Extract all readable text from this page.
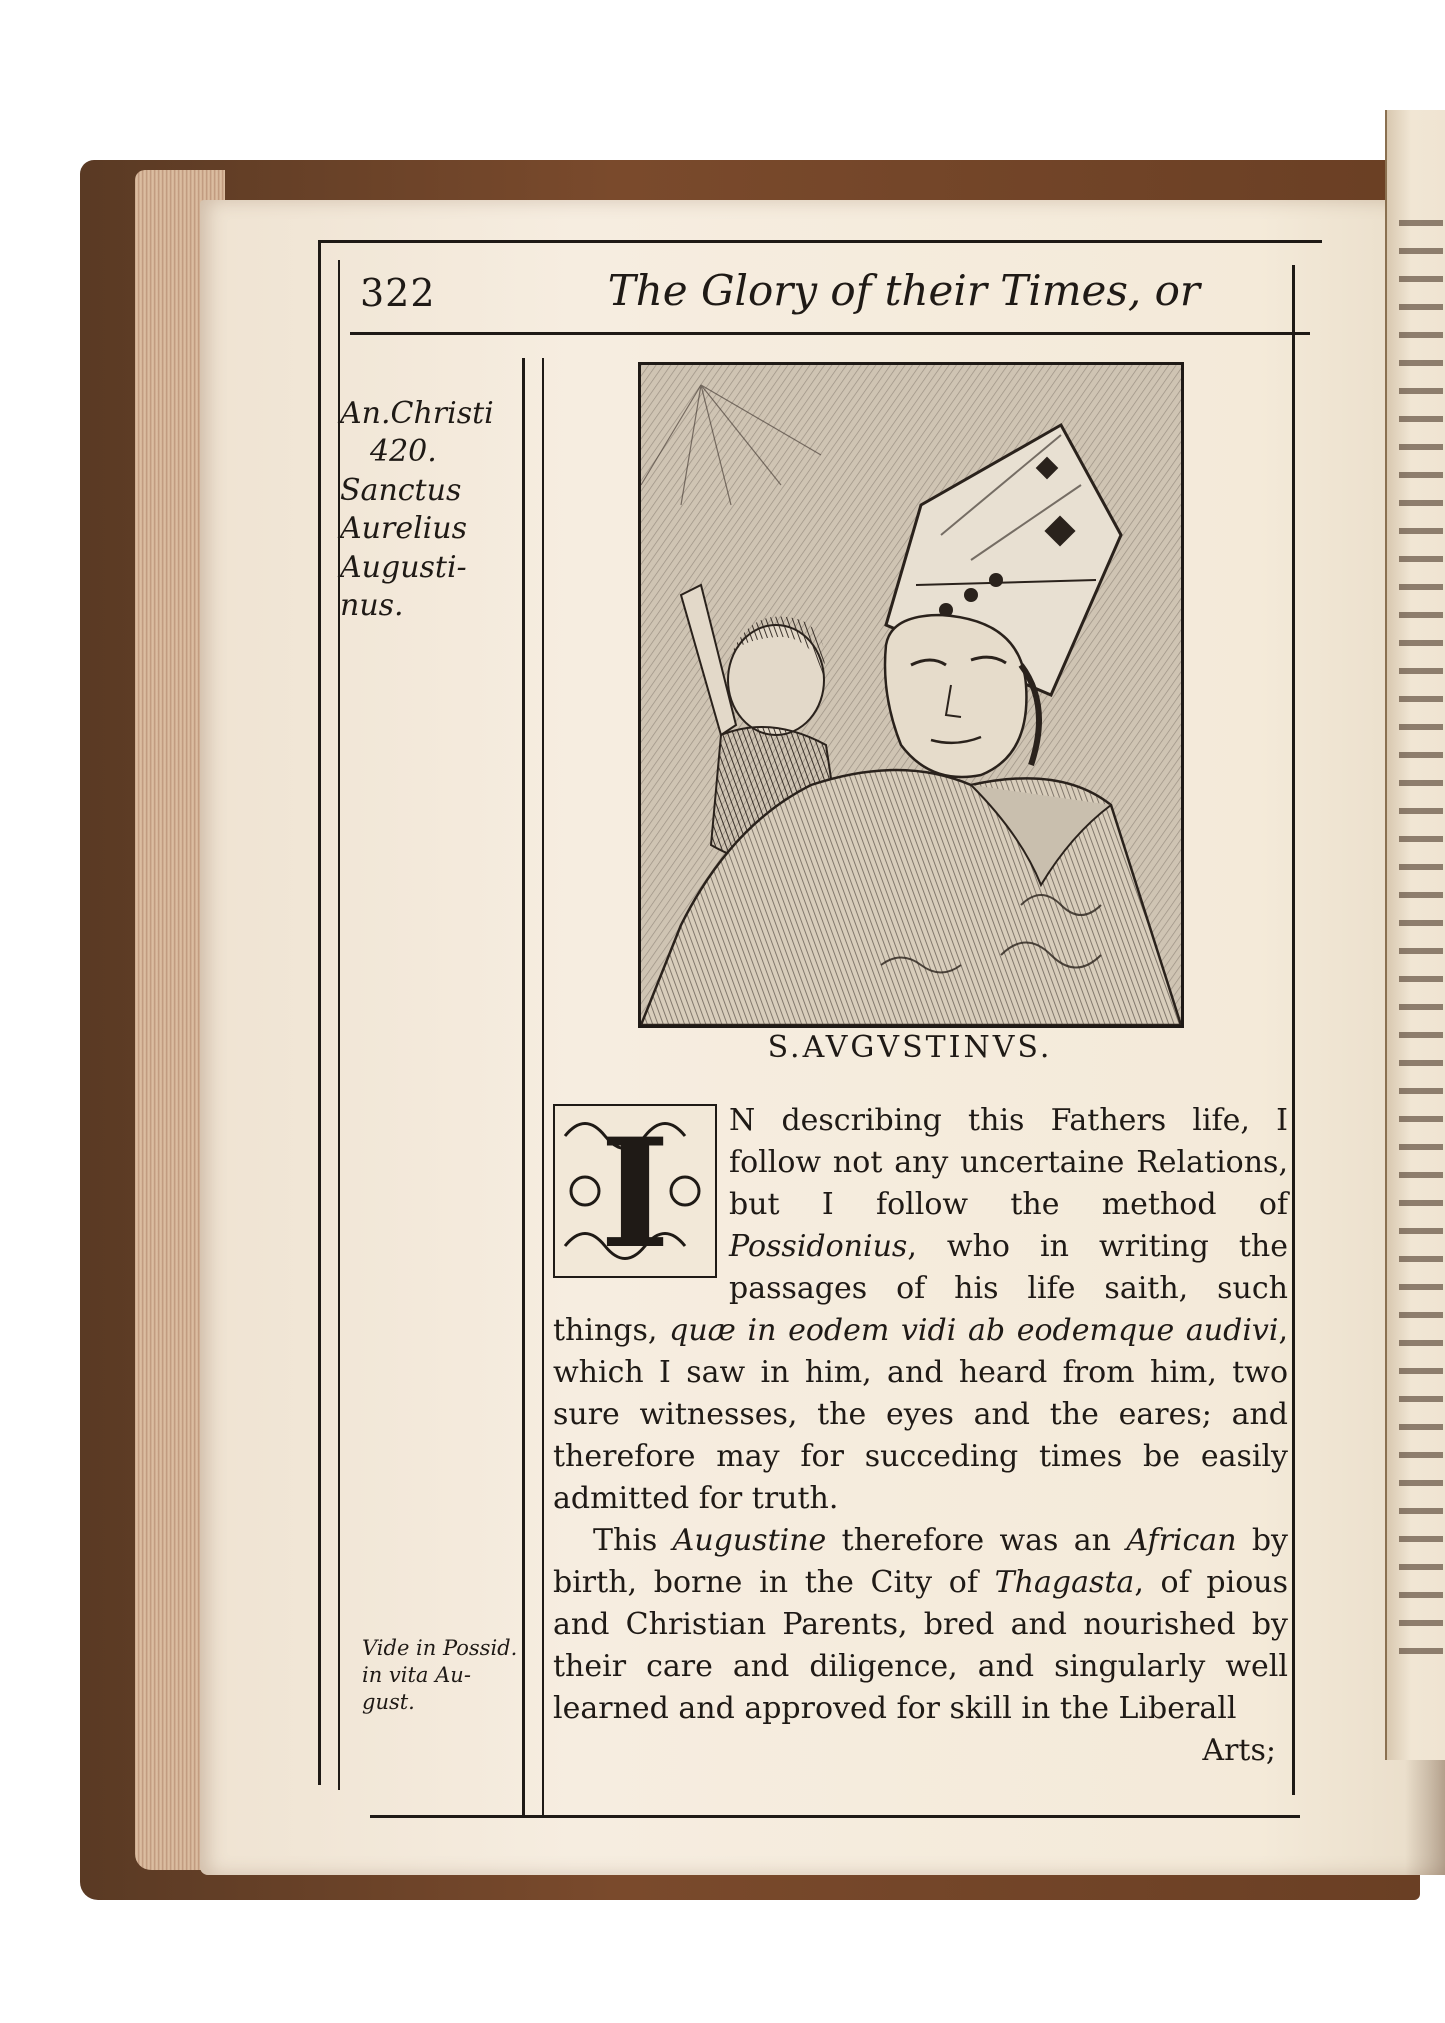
322	The Glory of their Times, or
An.Christi
420.
Sanctus
Aurelius
Augusti-
nus.
Vide in Possid.
in vita Au-
gust.
S.AVGVSTINVS.
I	N describing this Fathers life, I follow not any uncertaine Relations, but I follow the method of Possidonius, who in writing the passages of his life saith, such things, quæ in eodem vidi ab eodemque audivi, which I saw in him, and heard from him, two sure witnesses, the eyes and the eares; and therefore may for succeding times be easily admitted for truth.
This Augustine therefore was an African by birth, borne in the City of Thagasta, of pious and Christian Parents, bred and nourished by their care and diligence, and singularly well learned and approved for skill in the Liberall
Arts;
